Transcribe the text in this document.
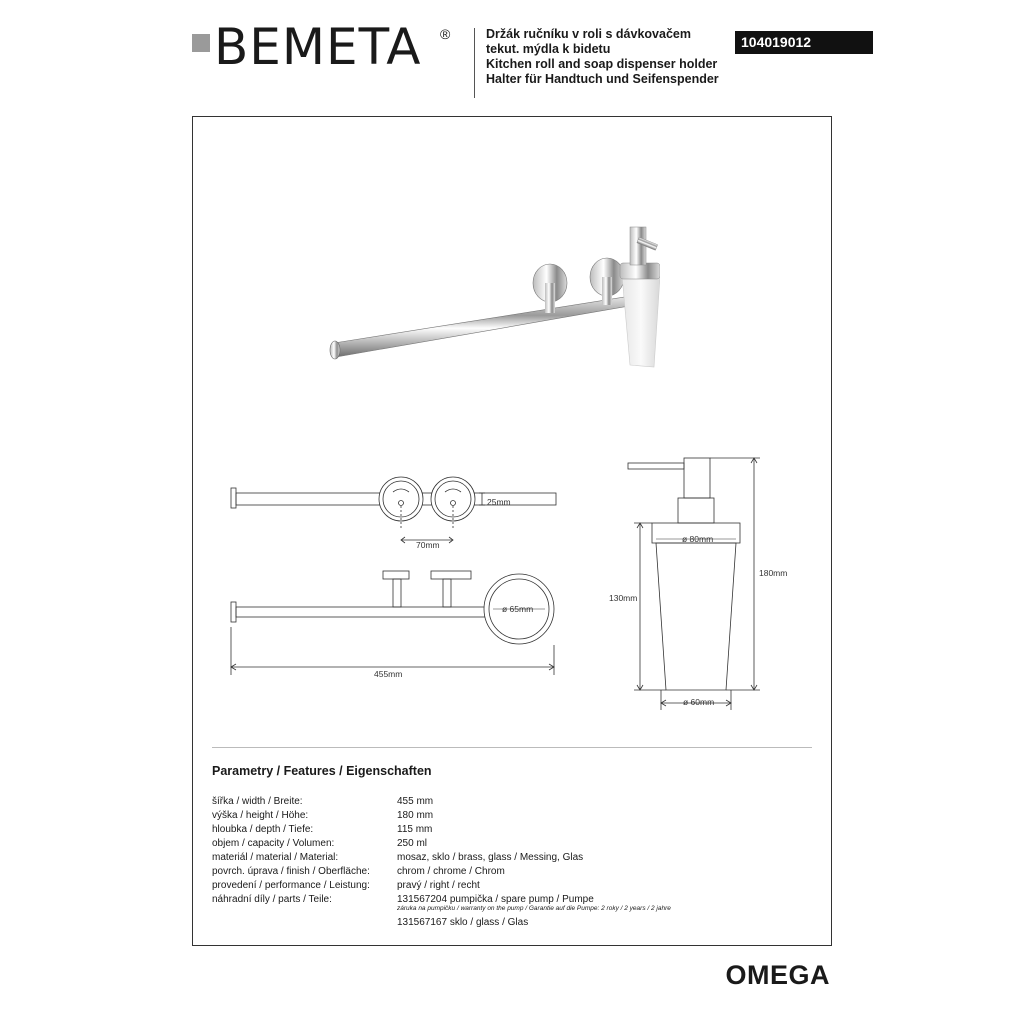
BEMETA ®	Držák ručníku v roli s dávkovačem
tekut. mýdla k bidetu
Kitchen roll and soap dispenser holder
Halter für Handtuch und Seifenspender
104019012
25mm
70mm
ø 65mm
455mm
ø 80mm
ø 60mm
130mm
180mm
Parametry / Features / Eigenschaften
šířka / width / Breite:	455 mm
výška / height / Höhe:	180 mm
hloubka / depth / Tiefe:	115 mm
objem / capacity / Volumen:	250 ml
materiál / material / Material:	mosaz, sklo / brass, glass / Messing, Glas
povrch. úprava / finish / Oberfläche:	chrom / chrome / Chrom
provedení / performance / Leistung:	pravý / right / recht
náhradní díly / parts / Teile:	131567204 pumpička / spare pump / Pumpe
záruka na pumpičku / warranty on the pump / Garantie auf die Pumpe: 2 roky / 2 years / 2 jahre
131567167 sklo / glass / Glas
OMEGA
